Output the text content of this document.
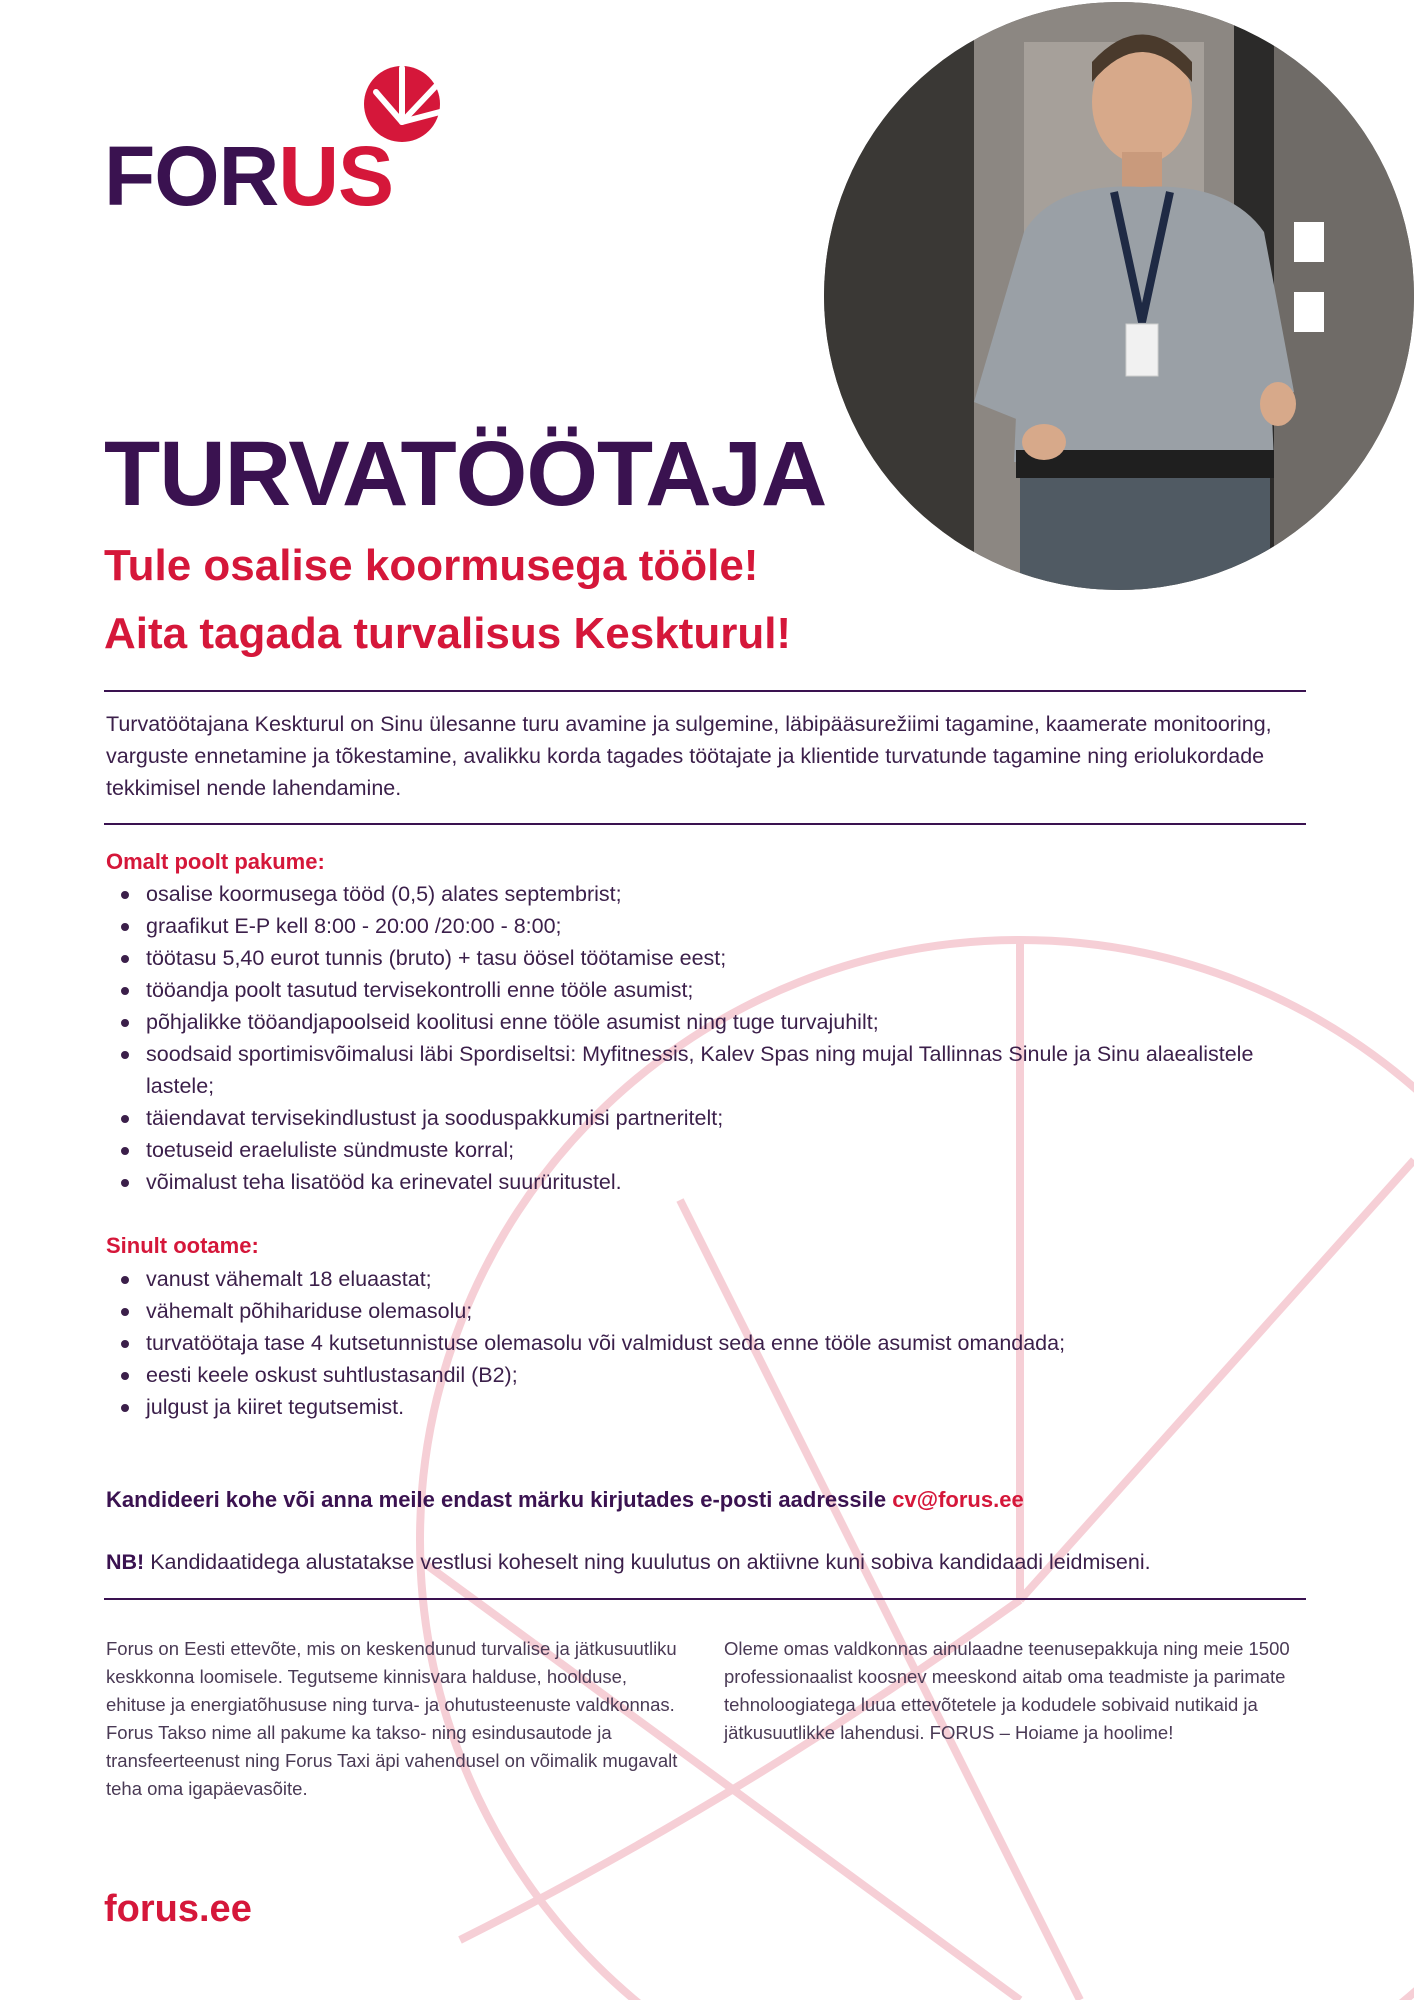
FORUS
TURVATÖÖTAJA
Tule osalise koormusega tööle!
Aita tagada turvalisus Keskturul!

Turvatöötajana Keskturul on Sinu ülesanne turu avamine ja sulgemine, läbipääsurežiimi tagamine, kaamerate monitooring, varguste ennetamine ja tõkestamine, avalikku korda tagades töötajate ja klientide turvatunde tagamine ning eriolukordade tekkimisel nende lahendamine.

Omalt poolt pakume:
osalise koormusega tööd (0,5) alates septembrist;
graafikut E-P kell 8:00 - 20:00 /20:00 - 8:00;
töötasu 5,40 eurot tunnis (bruto) + tasu öösel töötamise eest;
tööandja poolt tasutud tervisekontrolli enne tööle asumist;
põhjalikke tööandjapoolseid koolitusi enne tööle asumist ning tuge turvajuhilt;
soodsaid sportimisvõimalusi läbi Spordiseltsi: Myfitnessis, Kalev Spas ning mujal Tallinnas Sinule ja Sinu alaealistele lastele;
täiendavat tervisekindlustust ja sooduspakkumisi partneritelt;
toetuseid eraeluliste sündmuste korral;
võimalust teha lisatööd ka erinevatel suurüritustel.
Sinult ootame:
vanust vähemalt 18 eluaastat;
vähemalt põhihariduse olemasolu;
turvatöötaja tase 4 kutsetunnistuse olemasolu või valmidust seda enne tööle asumist omandada;
eesti keele oskust suhtlustasandil (B2);
julgust ja kiiret tegutsemist.

Kandideeri kohe või anna meile endast märku kirjutades e-posti aadressile cv@forus.ee

NB! Kandidaatidega alustatakse vestlusi koheselt ning kuulutus on aktiivne kuni sobiva kandidaadi leidmiseni.

Forus on Eesti ettevõte, mis on keskendunud turvalise ja jätkusuutliku keskkonna loomisele. Tegutseme kinnisvara halduse, hoolduse, ehituse ja energiatõhususe ning turva- ja ohutusteenuste valdkonnas. Forus Takso nime all pakume ka takso- ning esindusautode ja transfeerteenust ning Forus Taxi äpi vahendusel on võimalik mugavalt teha oma igapäevasõite.

Oleme omas valdkonnas ainulaadne teenusepakkuja ning meie 1500 professionaalist koosnev meeskond aitab oma teadmiste ja parimate tehnoloogiatega luua ettevõtetele ja kodudele sobivaid nutikaid ja jätkusuutlikke lahendusi. FORUS – Hoiame ja hoolime!

forus.ee
